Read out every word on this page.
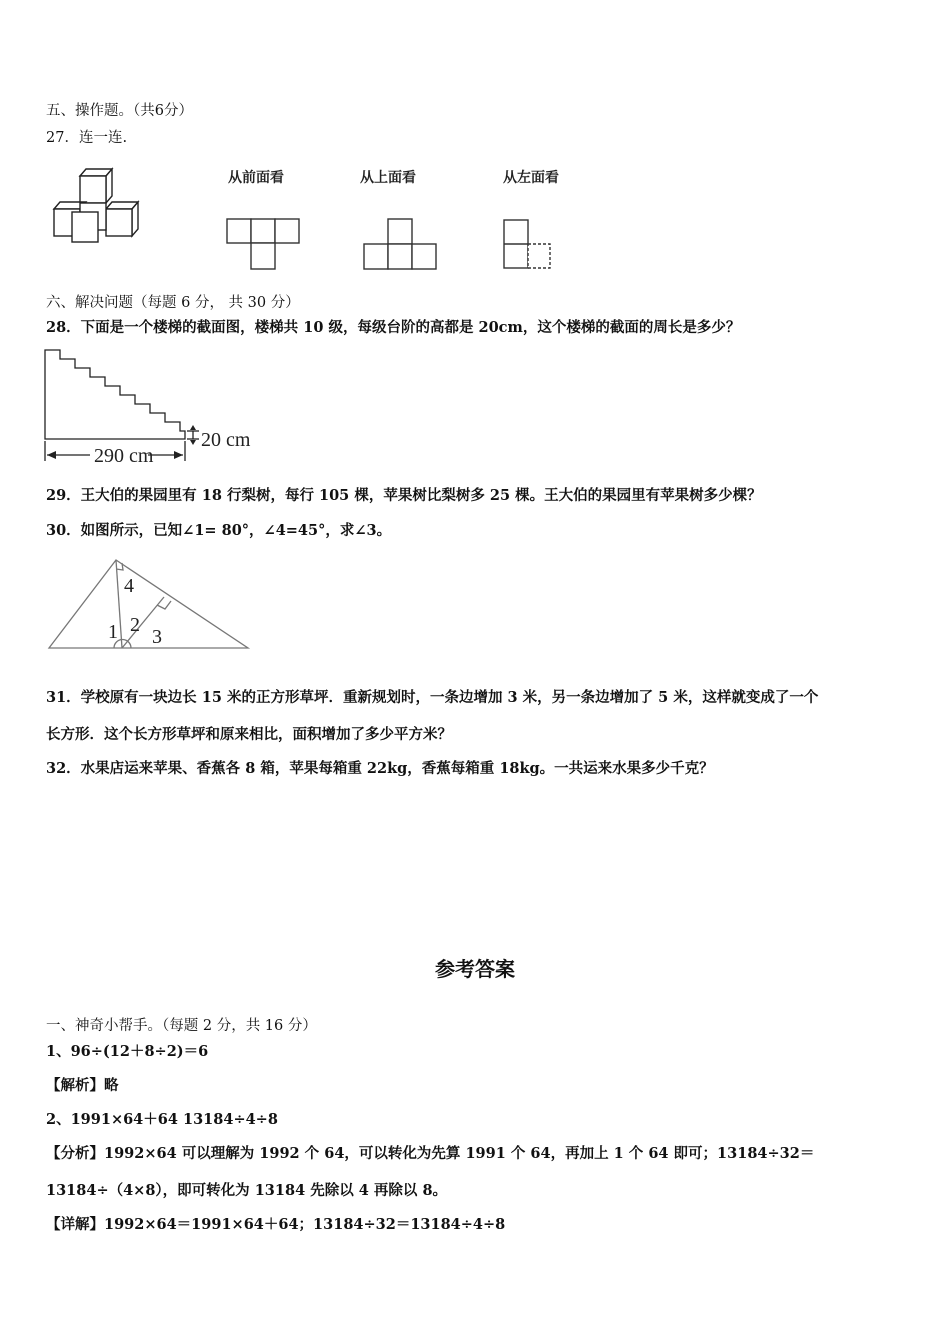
五、操作题。（共6分）
27．连一连.
从前面看	从上面看	从左面看
六、解决问题（每题 6 分， 共 30 分）
28．下面是一个楼梯的截面图，楼梯共 10 级，每级台阶的高都是 20cm，这个楼梯的截面的周长是多少？
290 cm
20 cm
29．王大伯的果园里有 18 行梨树，每行 105 棵，苹果树比梨树多 25 棵。王大伯的果园里有苹果树多少棵？
30．如图所示，已知∠1= 80°，∠4=45°，求∠3。
4
1 2
3
31．学校原有一块边长 15 米的正方形草坪．重新规划时，一条边增加 3 米，另一条边增加了 5 米，这样就变成了一个
长方形．这个长方形草坪和原来相比，面积增加了多少平方米？
32．水果店运来苹果、香蕉各 8 箱，苹果每箱重 22kg，香蕉每箱重 18kg。一共运来水果多少千克？
参考答案
一、神奇小帮手。（每题 2 分，共 16 分）
1、96÷(12＋8÷2)＝6
【解析】略
2、1991×64＋64 13184÷4÷8
【分析】1992×64 可以理解为 1992 个 64，可以转化为先算 1991 个 64，再加上 1 个 64 即可；13184÷32＝
13184÷（4×8），即可转化为 13184 先除以 4 再除以 8。
【详解】1992×64＝1991×64＋64；13184÷32＝13184÷4÷8
